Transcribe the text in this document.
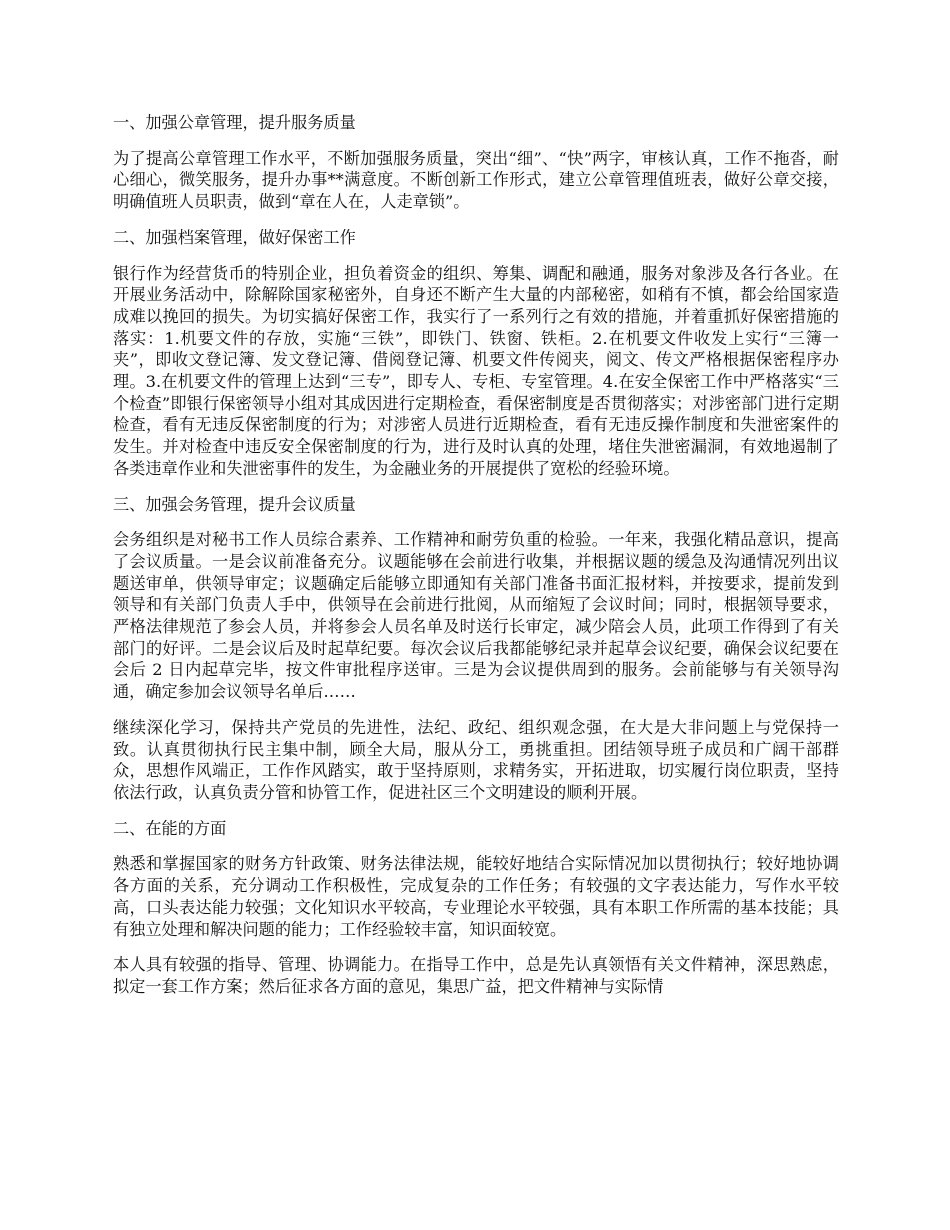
一、加强公章管理，提升服务质量

为了提高公章管理工作水平，不断加强服务质量，突出“细”、“快”两字，审核认真，工作不拖沓，耐心细心，微笑服务，提升办事**满意度。不断创新工作形式，建立公章管理值班表，做好公章交接，明确值班人员职责，做到“章在人在，人走章锁”。

二、加强档案管理，做好保密工作

银行作为经营货币的特别企业，担负着资金的组织、筹集、调配和融通，服务对象涉及各行各业。在开展业务活动中，除解除国家秘密外，自身还不断产生大量的内部秘密，如稍有不慎，都会给国家造成难以挽回的损失。为切实搞好保密工作，我实行了一系列行之有效的措施，并着重抓好保密措施的落实：1.机要文件的存放，实施“三铁”，即铁门、铁窗、铁柜。2.在机要文件收发上实行“三簿一夹”，即收文登记簿、发文登记簿、借阅登记簿、机要文件传阅夹，阅文、传文严格根据保密程序办理。3.在机要文件的管理上达到“三专”，即专人、专柜、专室管理。4.在安全保密工作中严格落实“三个检查”即银行保密领导小组对其成因进行定期检查，看保密制度是否贯彻落实；对涉密部门进行定期检查，看有无违反保密制度的行为；对涉密人员进行近期检查，看有无违反操作制度和失泄密案件的发生。并对检查中违反安全保密制度的行为，进行及时认真的处理，堵住失泄密漏洞，有效地遏制了各类违章作业和失泄密事件的发生，为金融业务的开展提供了宽松的经验环境。

三、加强会务管理，提升会议质量

会务组织是对秘书工作人员综合素养、工作精神和耐劳负重的检验。一年来，我强化精品意识，提高了会议质量。一是会议前准备充分。议题能够在会前进行收集，并根据议题的缓急及沟通情况列出议题送审单，供领导审定；议题确定后能够立即通知有关部门准备书面汇报材料，并按要求，提前发到领导和有关部门负责人手中，供领导在会前进行批阅，从而缩短了会议时间；同时，根据领导要求，严格法律规范了参会人员，并将参会人员名单及时送行长审定，减少陪会人员，此项工作得到了有关部门的好评。二是会议后及时起草纪要。每次会议后我都能够纪录并起草会议纪要，确保会议纪要在会后 2 日内起草完毕，按文件审批程序送审。三是为会议提供周到的服务。会前能够与有关领导沟通，确定参加会议领导名单后……

继续深化学习，保持共产党员的先进性，法纪、政纪、组织观念强，在大是大非问题上与党保持一致。认真贯彻执行民主集中制，顾全大局，服从分工，勇挑重担。团结领导班子成员和广阔干部群众，思想作风端正，工作作风踏实，敢于坚持原则，求精务实，开拓进取，切实履行岗位职责，坚持依法行政，认真负责分管和协管工作，促进社区三个文明建设的顺利开展。

二、在能的方面

熟悉和掌握国家的财务方针政策、财务法律法规，能较好地结合实际情况加以贯彻执行；较好地协调各方面的关系，充分调动工作积极性，完成复杂的工作任务；有较强的文字表达能力，写作水平较高，口头表达能力较强；文化知识水平较高，专业理论水平较强，具有本职工作所需的基本技能；具有独立处理和解决问题的能力；工作经验较丰富，知识面较宽。

本人具有较强的指导、管理、协调能力。在指导工作中，总是先认真领悟有关文件精神，深思熟虑，拟定一套工作方案；然后征求各方面的意见，集思广益，把文件精神与实际情
